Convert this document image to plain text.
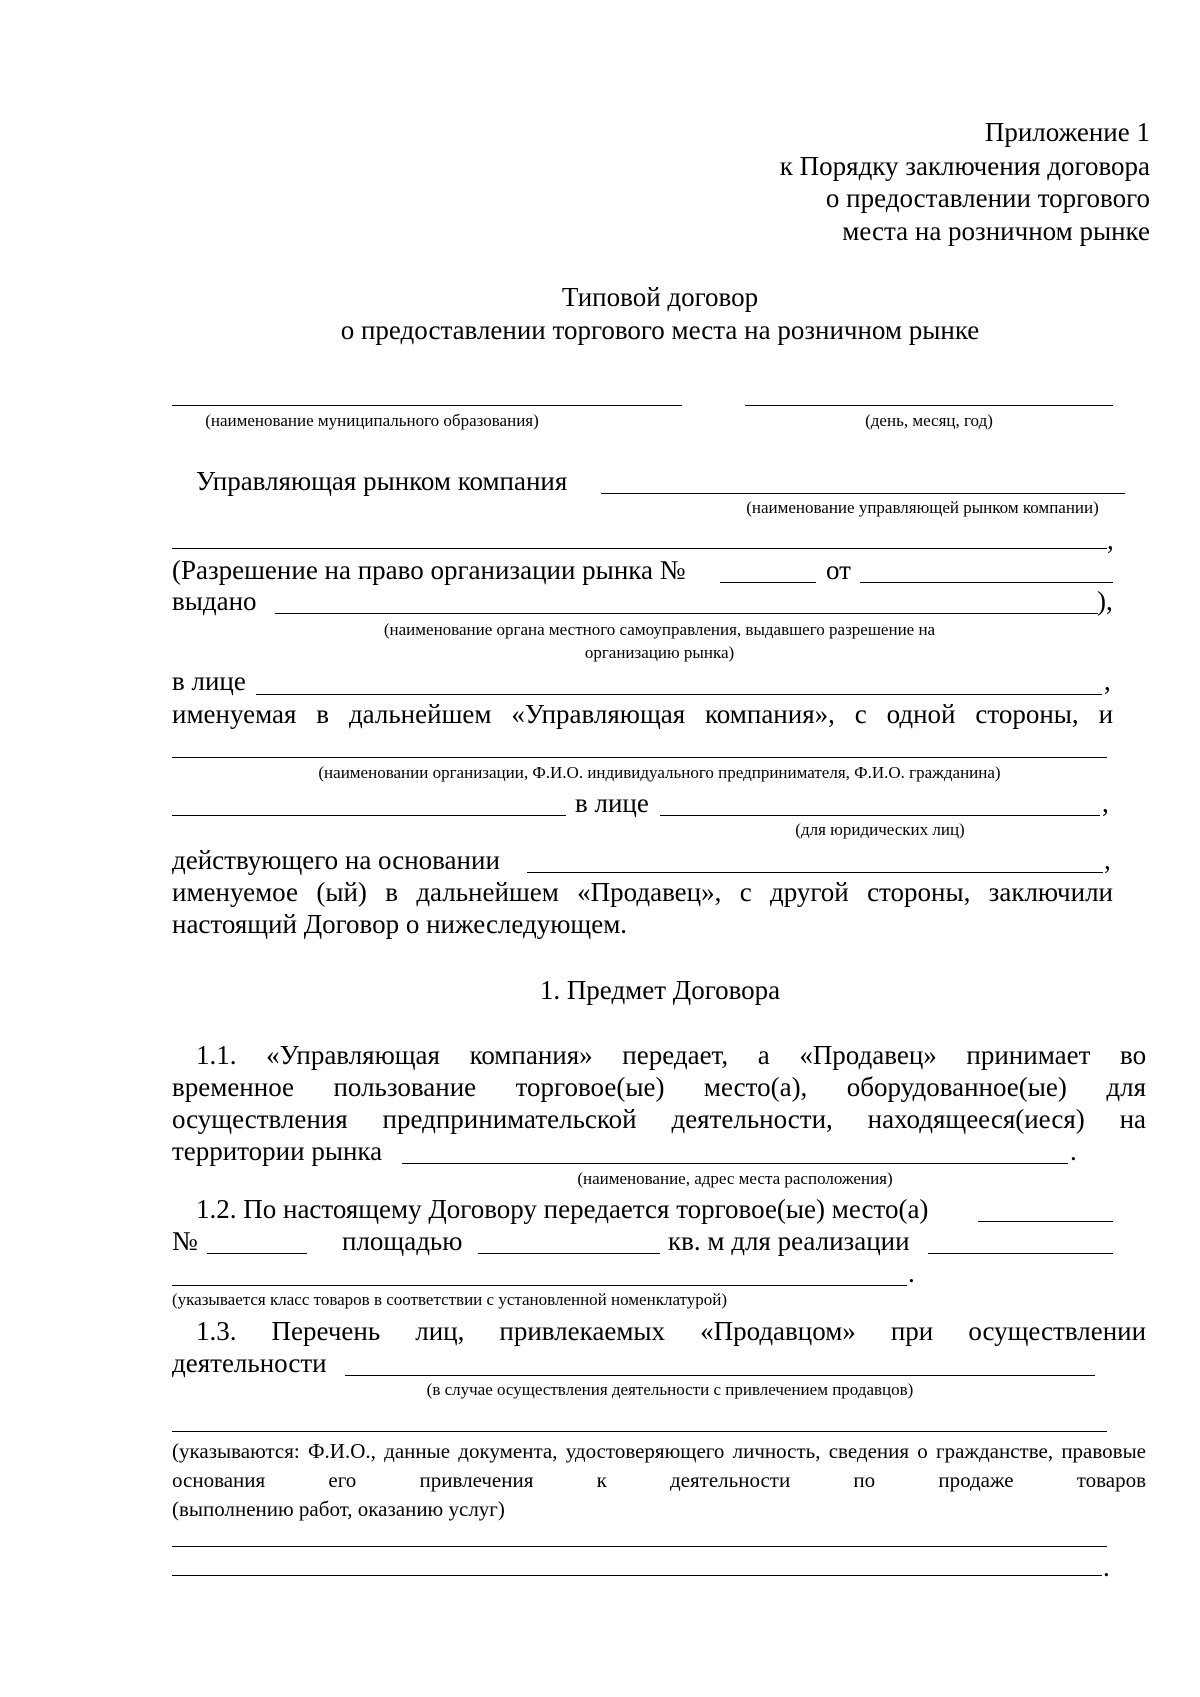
Приложение 1
к Порядку заключения договора
о предоставлении торгового
места на розничном рынке
Типовой договор
о предоставлении торгового места на розничном рынке
(наименование муниципального образования)	(день, месяц, год)
Управляющая рынком компания
(наименование управляющей рынком компании)
,
(Разрешение на право организации рынка №	от
выдано	),
(наименование органа местного самоуправления, выдавшего разрешение на
организацию рынка)
в лице	,
именуемая в дальнейшем «Управляющая компания», с одной стороны, и
(наименовании организации, Ф.И.О. индивидуального предпринимателя, Ф.И.О. гражданина)
в лице	,
(для юридических лиц)
действующего на основании	,
именуемое (ый) в дальнейшем «Продавец», с другой стороны, заключили
настоящий Договор о нижеследующем.
1. Предмет Договора
1.1. «Управляющая компания» передает, а «Продавец» принимает во
временное пользование торговое(ые) место(а), оборудованное(ые) для
осуществления предпринимательской деятельности, находящееся(иеся) на
территории рынка	.
(наименование, адрес места расположения)
1.2. По настоящему Договору передается торговое(ые) место(а)
№	площадью	кв. м для реализации
.
(указывается класс товаров в соответствии с установленной номенклатурой)
1.3. Перечень лиц, привлекаемых «Продавцом» при осуществлении
деятельности
(в случае осуществления деятельности с привлечением продавцов)
(указываются: Ф.И.О., данные документа, удостоверяющего личность, сведения о гражданстве, правовые основания его привлечения к деятельности по продаже товаров
(выполнению работ, оказанию услуг)
.
